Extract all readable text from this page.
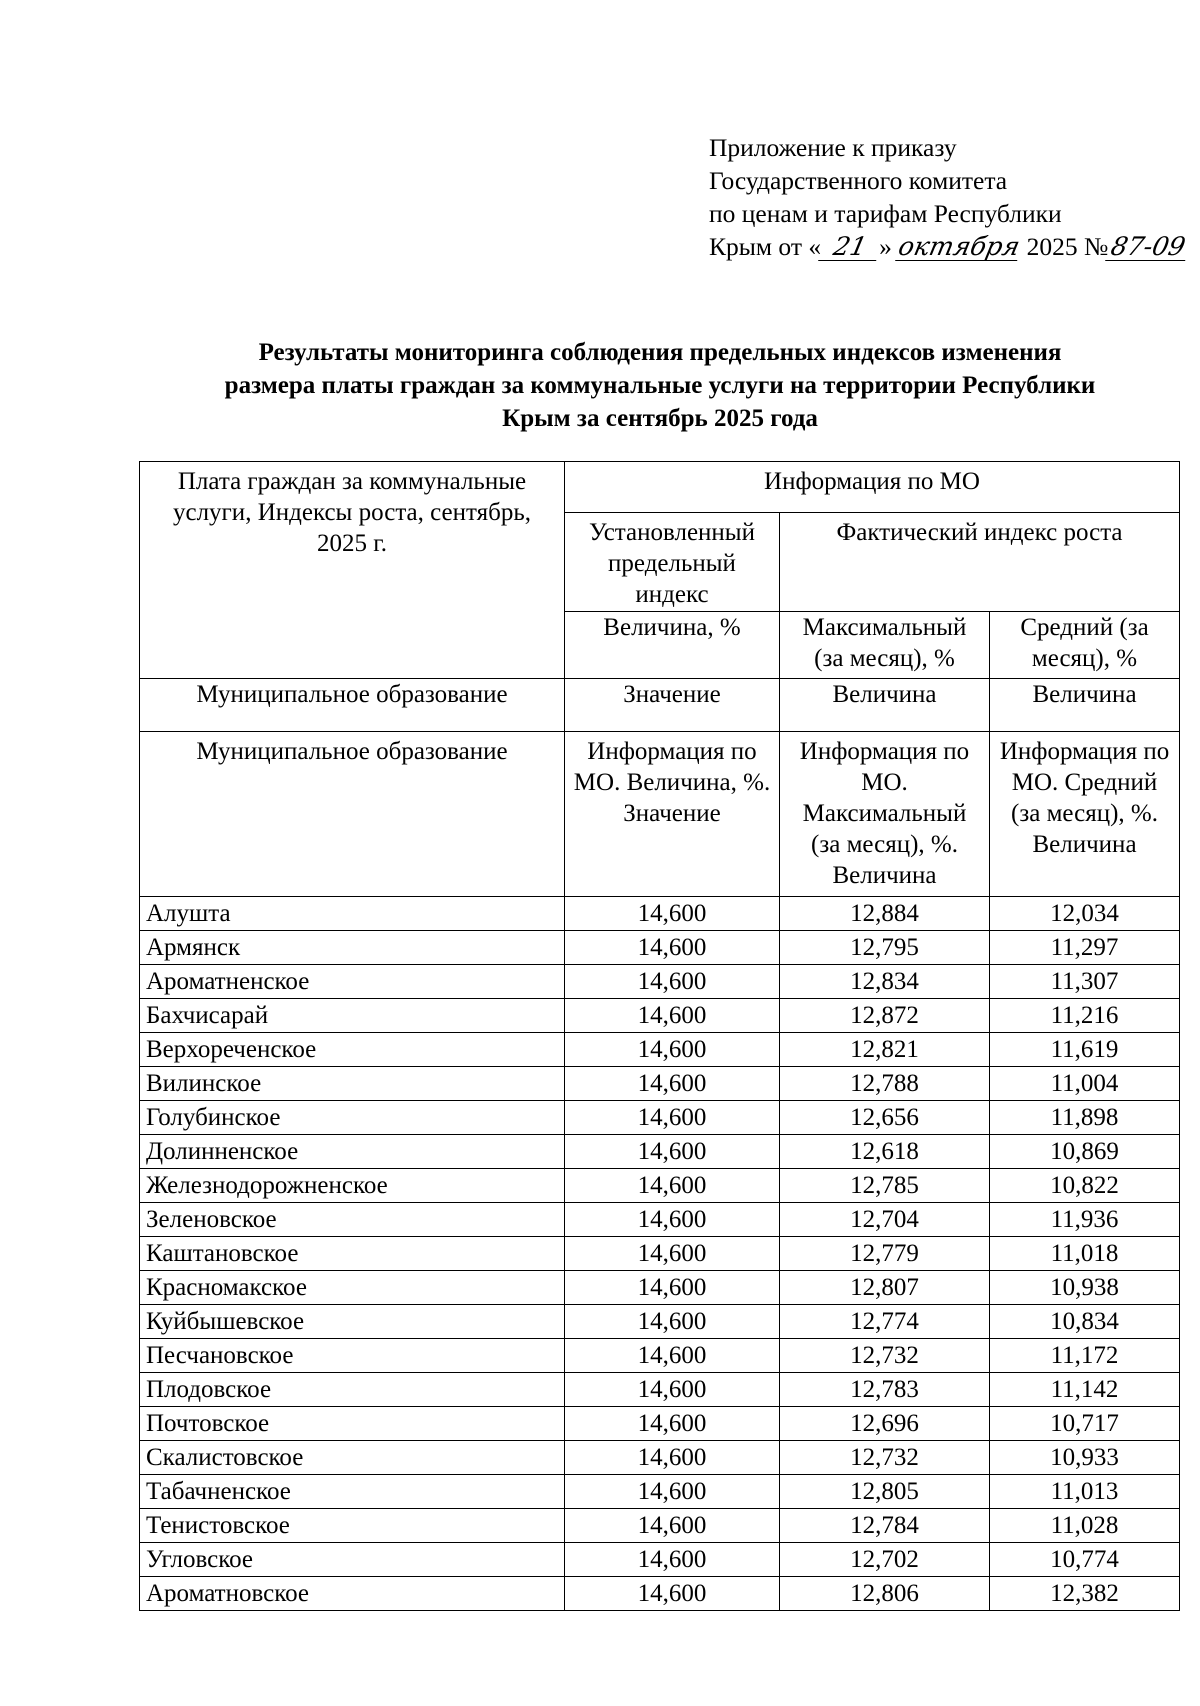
Приложение к приказу
Государственного комитета
по ценам и тарифам Республики
Крым от « 21 » октября 2025 №87-09
Результаты мониторинга соблюдения предельных индексов изменения
размера платы граждан за коммунальные услуги на территории Республики
Крым за сентябрь 2025 года
Плата граждан за коммунальные услуги, Индексы роста, сентябрь, 2025 г.	Информация по МО		
	Установленный предельный индекс	Фактический индекс роста	
	Величина, %	Максимальный (за месяц), %	Средний (за месяц), %
Муниципальное образование	Значение	Величина	Величина
Муниципальное образование	Информация по МО. Величина, %. Значение	Информация по МО. Максимальный (за месяц), %. Величина	Информация по МО. Средний (за месяц), %. Величина
Алушта	14,600	12,884	12,034
Армянск	14,600	12,795	11,297
Ароматненское	14,600	12,834	11,307
Бахчисарай	14,600	12,872	11,216
Верхореченское	14,600	12,821	11,619
Вилинское	14,600	12,788	11,004
Голубинское	14,600	12,656	11,898
Долинненское	14,600	12,618	10,869
Железнодорожненское	14,600	12,785	10,822
Зеленовское	14,600	12,704	11,936
Каштановское	14,600	12,779	11,018
Красномакское	14,600	12,807	10,938
Куйбышевское	14,600	12,774	10,834
Песчановское	14,600	12,732	11,172
Плодовское	14,600	12,783	11,142
Почтовское	14,600	12,696	10,717
Скалистовское	14,600	12,732	10,933
Табачненское	14,600	12,805	11,013
Тенистовское	14,600	12,784	11,028
Угловское	14,600	12,702	10,774
Ароматновское	14,600	12,806	12,382
